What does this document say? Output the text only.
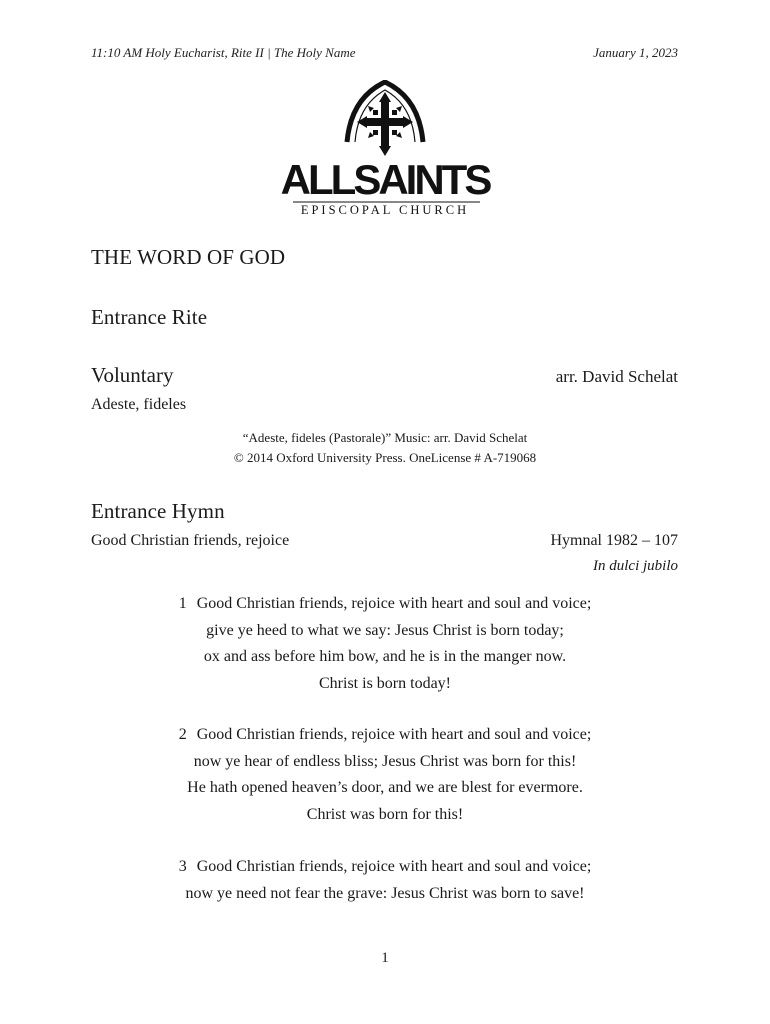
11:10 AM Holy Eucharist, Rite II | The Holy Name	January 1, 2023
ALLSAINTS
EPISCOPAL CHURCH
THE WORD OF GOD
Entrance Rite
Voluntary	arr. David Schelat
Adeste, fideles
“Adeste, fideles (Pastorale)” Music: arr. David Schelat
© 2014 Oxford University Press. OneLicense # A-719068
Entrance Hymn
Good Christian friends, rejoice	Hymnal 1982 – 107
In dulci jubilo
1 Good Christian friends, rejoice with heart and soul and voice;
give ye heed to what we say: Jesus Christ is born today;
ox and ass before him bow, and he is in the manger now.
Christ is born today!
2 Good Christian friends, rejoice with heart and soul and voice;
now ye hear of endless bliss; Jesus Christ was born for this!
He hath opened heaven’s door, and we are blest for evermore.
Christ was born for this!
3 Good Christian friends, rejoice with heart and soul and voice;
now ye need not fear the grave: Jesus Christ was born to save!
1
